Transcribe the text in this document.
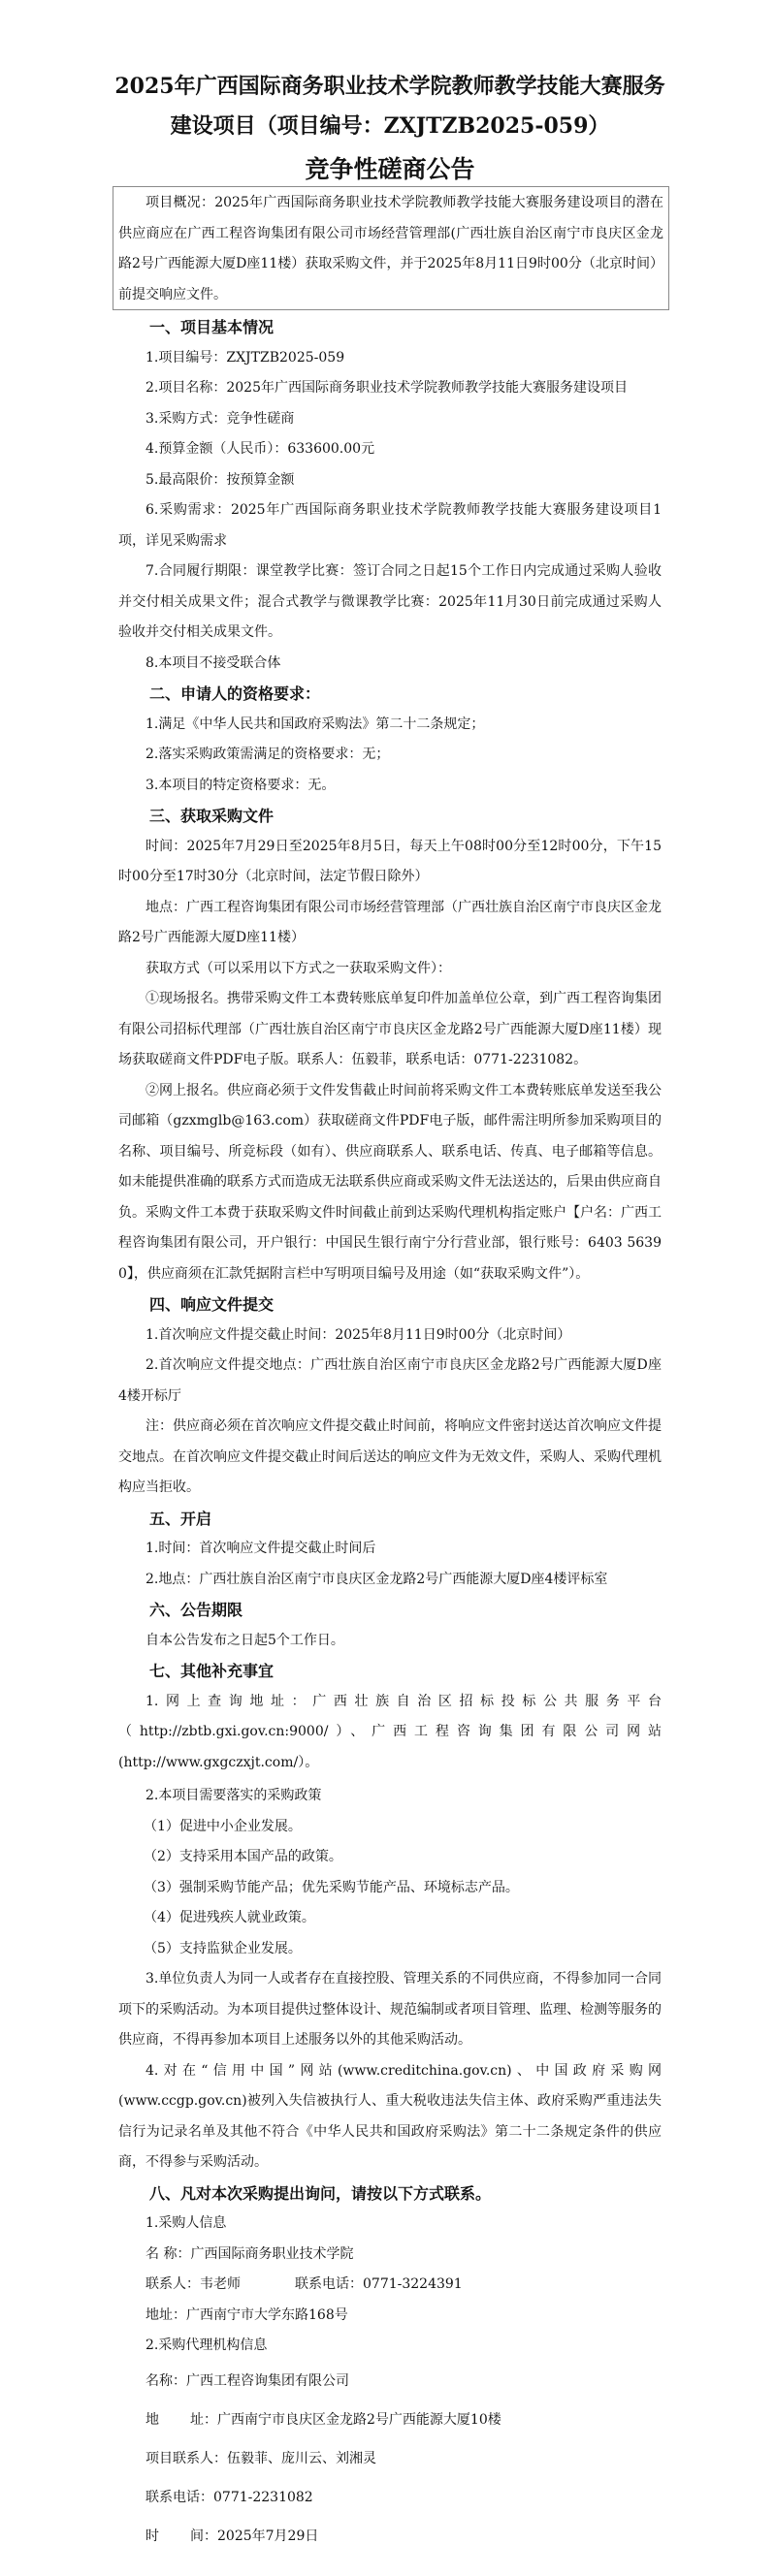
2025年广西国际商务职业技术学院教师教学技能大赛服务
建设项目（项目编号：ZXJTZB2025-059）
竞争性磋商公告

项目概况：2025年广西国际商务职业技术学院教师教学技能大赛服务建设项目的潜在供应商应在广西工程咨询集团有限公司市场经营管理部(广西壮族自治区南宁市良庆区金龙路2号广西能源大厦D座11楼）获取采购文件，并于2025年8月11日9时00分（北京时间）前提交响应文件。

一、项目基本情况

1.项目编号：ZXJTZB2025-059

2.项目名称：2025年广西国际商务职业技术学院教师教学技能大赛服务建设项目

3.采购方式：竞争性磋商

4.预算金额（人民币）：633600.00元

5.最高限价：按预算金额

6.采购需求：2025年广西国际商务职业技术学院教师教学技能大赛服务建设项目1项，详见采购需求

7.合同履行期限：课堂教学比赛：签订合同之日起15个工作日内完成通过采购人验收并交付相关成果文件；混合式教学与微课教学比赛：2025年11月30日前完成通过采购人验收并交付相关成果文件。

8.本项目不接受联合体

二、申请人的资格要求：

1.满足《中华人民共和国政府采购法》第二十二条规定；

2.落实采购政策需满足的资格要求：无；

3.本项目的特定资格要求：无。

三、获取采购文件

时间：2025年7月29日至2025年8月5日，每天上午08时00分至12时00分，下午15时00分至17时30分（北京时间，法定节假日除外）

地点：广西工程咨询集团有限公司市场经营管理部（广西壮族自治区南宁市良庆区金龙路2号广西能源大厦D座11楼）

获取方式（可以采用以下方式之一获取采购文件）：

①现场报名。携带采购文件工本费转账底单复印件加盖单位公章，到广西工程咨询集团有限公司招标代理部（广西壮族自治区南宁市良庆区金龙路2号广西能源大厦D座11楼）现场获取磋商文件PDF电子版。联系人：伍毅菲，联系电话：0771-2231082。

②网上报名。供应商必须于文件发售截止时间前将采购文件工本费转账底单发送至我公司邮箱（gzxmglb@163.com）获取磋商文件PDF电子版，邮件需注明所参加采购项目的名称、项目编号、所竞标段（如有）、供应商联系人、联系电话、传真、电子邮箱等信息。如未能提供准确的联系方式而造成无法联系供应商或采购文件无法送达的，后果由供应商自负。采购文件工本费于获取采购文件时间截止前到达采购代理机构指定账户【户名：广西工程咨询集团有限公司，开户银行：中国民生银行南宁分行营业部，银行账号：6403 5639 0】，供应商须在汇款凭据附言栏中写明项目编号及用途（如“获取采购文件”）。

四、响应文件提交

1.首次响应文件提交截止时间：2025年8月11日9时00分（北京时间）

2.首次响应文件提交地点：广西壮族自治区南宁市良庆区金龙路2号广西能源大厦D座4楼开标厅

注：供应商必须在首次响应文件提交截止时间前，将响应文件密封送达首次响应文件提交地点。在首次响应文件提交截止时间后送达的响应文件为无效文件，采购人、采购代理机构应当拒收。

五、开启

1.时间：首次响应文件提交截止时间后

2.地点：广西壮族自治区南宁市良庆区金龙路2号广西能源大厦D座4楼评标室

六、公告期限

自本公告发布之日起5个工作日。

七、其他补充事宜

1.网上查询地址：广西壮族自治区招标投标公共服务平台（http://zbtb.gxi.gov.cn:9000/）、广西工程咨询集团有限公司网站(http://www.gxgczxjt.com/）。

2.本项目需要落实的采购政策

（1）促进中小企业发展。

（2）支持采用本国产品的政策。

（3）强制采购节能产品；优先采购节能产品、环境标志产品。

（4）促进残疾人就业政策。

（5）支持监狱企业发展。

3.单位负责人为同一人或者存在直接控股、管理关系的不同供应商，不得参加同一合同项下的采购活动。为本项目提供过整体设计、规范编制或者项目管理、监理、检测等服务的供应商，不得再参加本项目上述服务以外的其他采购活动。

4.对在“信用中国”网站(www.creditchina.gov.cn)、中国政府采购网(www.ccgp.gov.cn)被列入失信被执行人、重大税收违法失信主体、政府采购严重违法失信行为记录名单及其他不符合《中华人民共和国政府采购法》第二十二条规定条件的供应商，不得参与采购活动。

八、凡对本次采购提出询问，请按以下方式联系。

1.采购人信息

名 称：广西国际商务职业技术学院

联系人：韦老师	联系电话：0771-3224391

地址：广西南宁市大学东路168号

2.采购代理机构信息

名称：广西工程咨询集团有限公司

地 址：广西南宁市良庆区金龙路2号广西能源大厦10楼

项目联系人：伍毅菲、庞川云、刘湘灵

联系电话：0771-2231082

时 间：2025年7月29日
